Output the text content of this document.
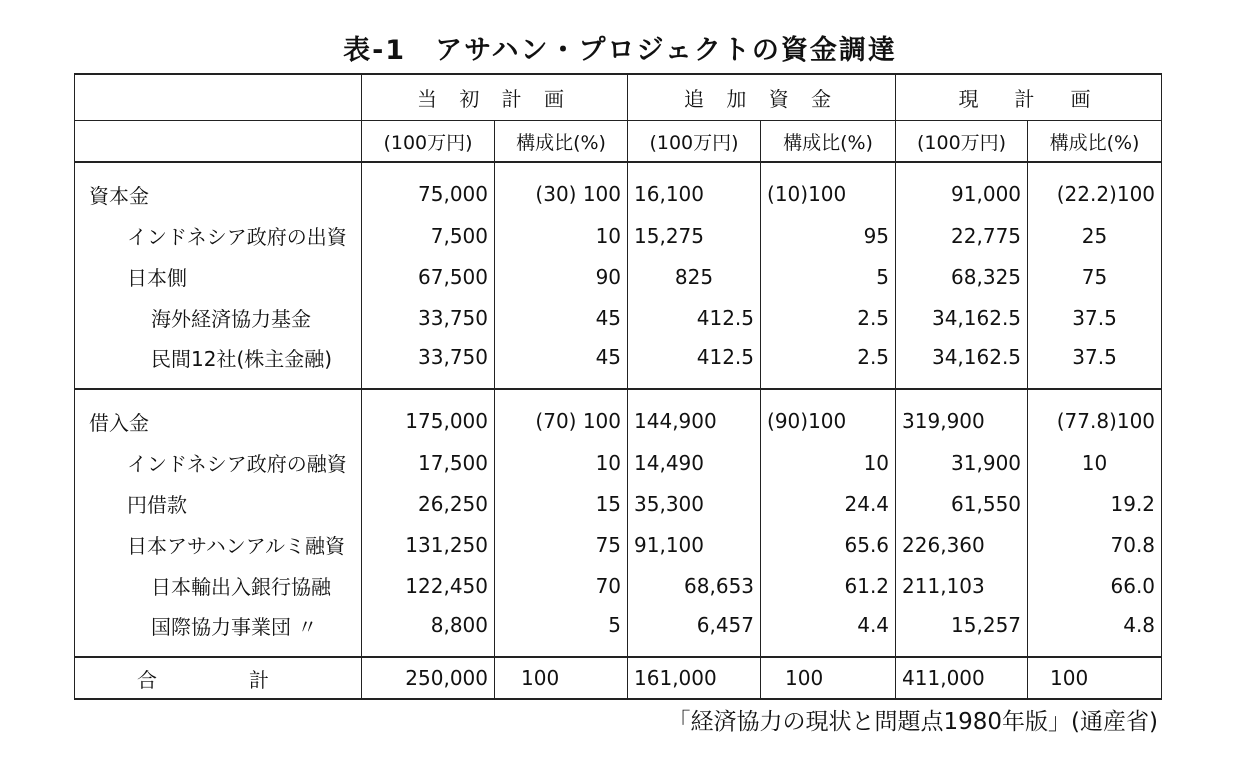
表-1　アサハン・プロジェクトの資金調達
	当 初 計 画		追 加 資 金		現　計　画	
	(100万円)	構成比(%)	(100万円)	構成比(%)	(100万円)	構成比(%)
資本金	75,000	(30) 100	16,100	(10)100	91,000	(22.2)100
インドネシア政府の出資	7,500	10	15,275	95	22,775	25
日本側	67,500	90	825	5	68,325	75
海外経済協力基金	33,750	45	412.5	2.5	34,162.5	37.5
民間12社(株主金融)	33,750	45	412.5	2.5	34,162.5	37.5
借入金	175,000	(70) 100	144,900	(90)100	319,900	(77.8)100
インドネシア政府の融資	17,500	10	14,490	10	31,900	10
円借款	26,250	15	35,300	24.4	61,550	19.2
日本アサハンアルミ融資	131,250	75	91,100	65.6	226,360	70.8
日本輸出入銀行協融	122,450	70	68,653	61.2	211,103	66.0
国際協力事業団 〃	8,800	5	6,457	4.4	15,257	4.8
合 計	250,000	100	161,000	100	411,000	100
「経済協力の現状と問題点1980年版」(通産省)
